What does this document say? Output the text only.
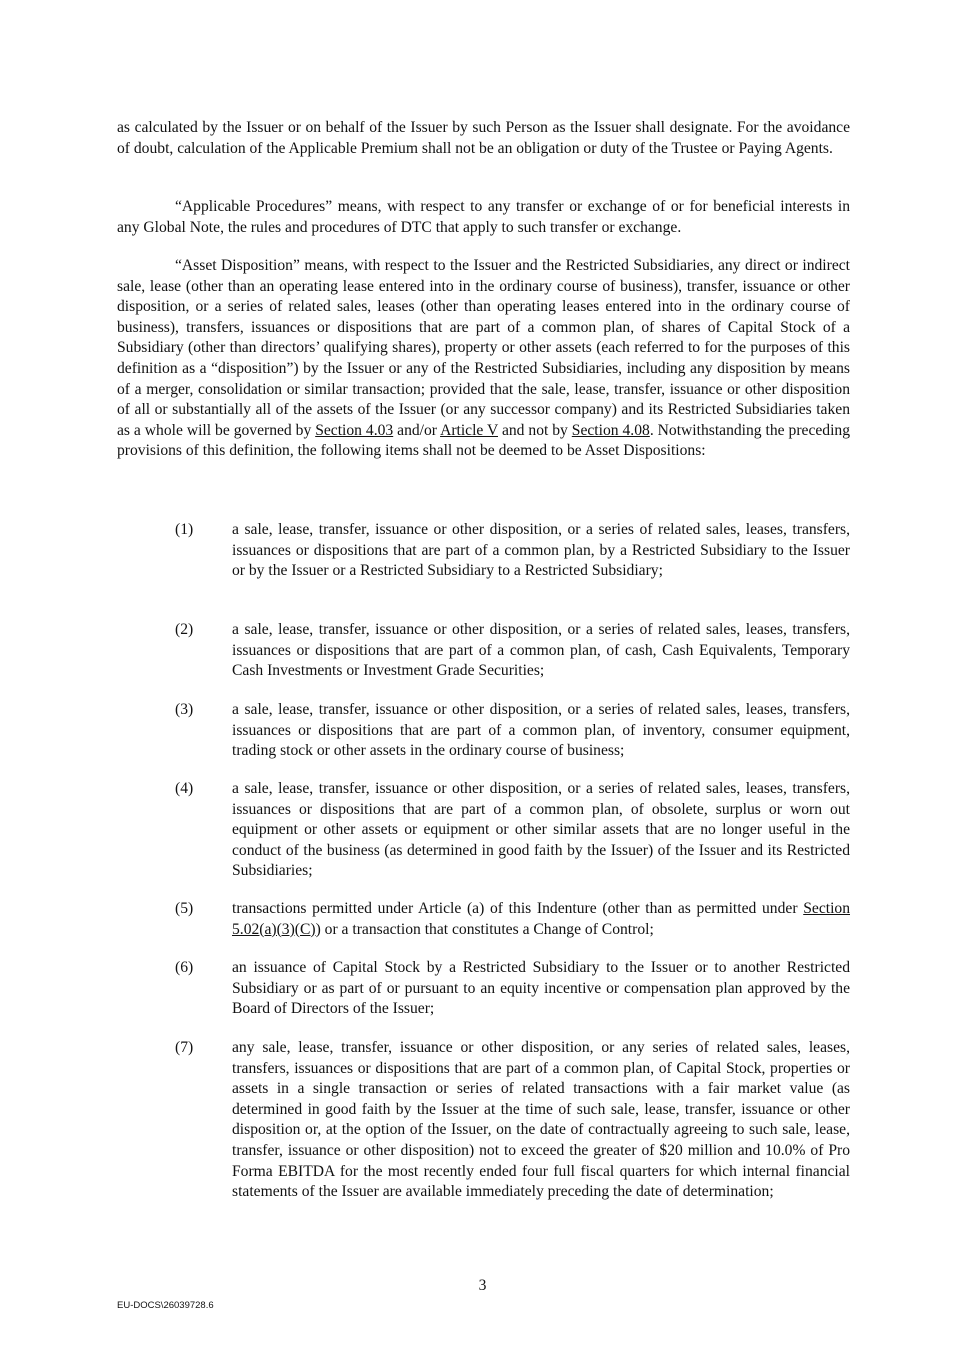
as calculated by the Issuer or on behalf of the Issuer by such Person as the Issuer shall designate. For the avoidance of doubt, calculation of the Applicable Premium shall not be an obligation or duty of the Trustee or Paying Agents.

“Applicable Procedures” means, with respect to any transfer or exchange of or for beneficial interests in any Global Note, the rules and procedures of DTC that apply to such transfer or exchange.

“Asset Disposition” means, with respect to the Issuer and the Restricted Subsidiaries, any direct or indirect sale, lease (other than an operating lease entered into in the ordinary course of business), transfer, issuance or other disposition, or a series of related sales, leases (other than operating leases entered into in the ordinary course of business), transfers, issuances or dispositions that are part of a common plan, of shares of Capital Stock of a Subsidiary (other than directors’ qualifying shares), property or other assets (each referred to for the purposes of this definition as a “disposition”) by the Issuer or any of the Restricted Subsidiaries, including any disposition by means of a merger, consolidation or similar transaction; provided that the sale, lease, transfer, issuance or other disposition of all or substantially all of the assets of the Issuer (or any successor company) and its Restricted Subsidiaries taken as a whole will be governed by Section 4.03 and/or Article V and not by Section 4.08. Notwithstanding the preceding provisions of this definition, the following items shall not be deemed to be Asset Dispositions:

(1)	a sale, lease, transfer, issuance or other disposition, or a series of related sales, leases, transfers, issuances or dispositions that are part of a common plan, by a Restricted Subsidiary to the Issuer or by the Issuer or a Restricted Subsidiary to a Restricted Subsidiary;
(2)	a sale, lease, transfer, issuance or other disposition, or a series of related sales, leases, transfers, issuances or dispositions that are part of a common plan, of cash, Cash Equivalents, Temporary Cash Investments or Investment Grade Securities;
(3)	a sale, lease, transfer, issuance or other disposition, or a series of related sales, leases, transfers, issuances or dispositions that are part of a common plan, of inventory, consumer equipment, trading stock or other assets in the ordinary course of business;
(4)	a sale, lease, transfer, issuance or other disposition, or a series of related sales, leases, transfers, issuances or dispositions that are part of a common plan, of obsolete, surplus or worn out equipment or other assets or equipment or other similar assets that are no longer useful in the conduct of the business (as determined in good faith by the Issuer) of the Issuer and its Restricted Subsidiaries;
(5)	transactions permitted under Article (a) of this Indenture (other than as permitted under Section 5.02(a)(3)(C)) or a transaction that constitutes a Change of Control;
(6)	an issuance of Capital Stock by a Restricted Subsidiary to the Issuer or to another Restricted Subsidiary or as part of or pursuant to an equity incentive or compensation plan approved by the Board of Directors of the Issuer;
(7)	any sale, lease, transfer, issuance or other disposition, or any series of related sales, leases, transfers, issuances or dispositions that are part of a common plan, of Capital Stock, properties or assets in a single transaction or series of related transactions with a fair market value (as determined in good faith by the Issuer at the time of such sale, lease, transfer, issuance or other disposition or, at the option of the Issuer, on the date of contractually agreeing to such sale, lease, transfer, issuance or other disposition) not to exceed the greater of $20 million and 10.0% of Pro Forma EBITDA for the most recently ended four full fiscal quarters for which internal financial statements of the Issuer are available immediately preceding the date of determination;
3
EU-DOCS\26039728.6
